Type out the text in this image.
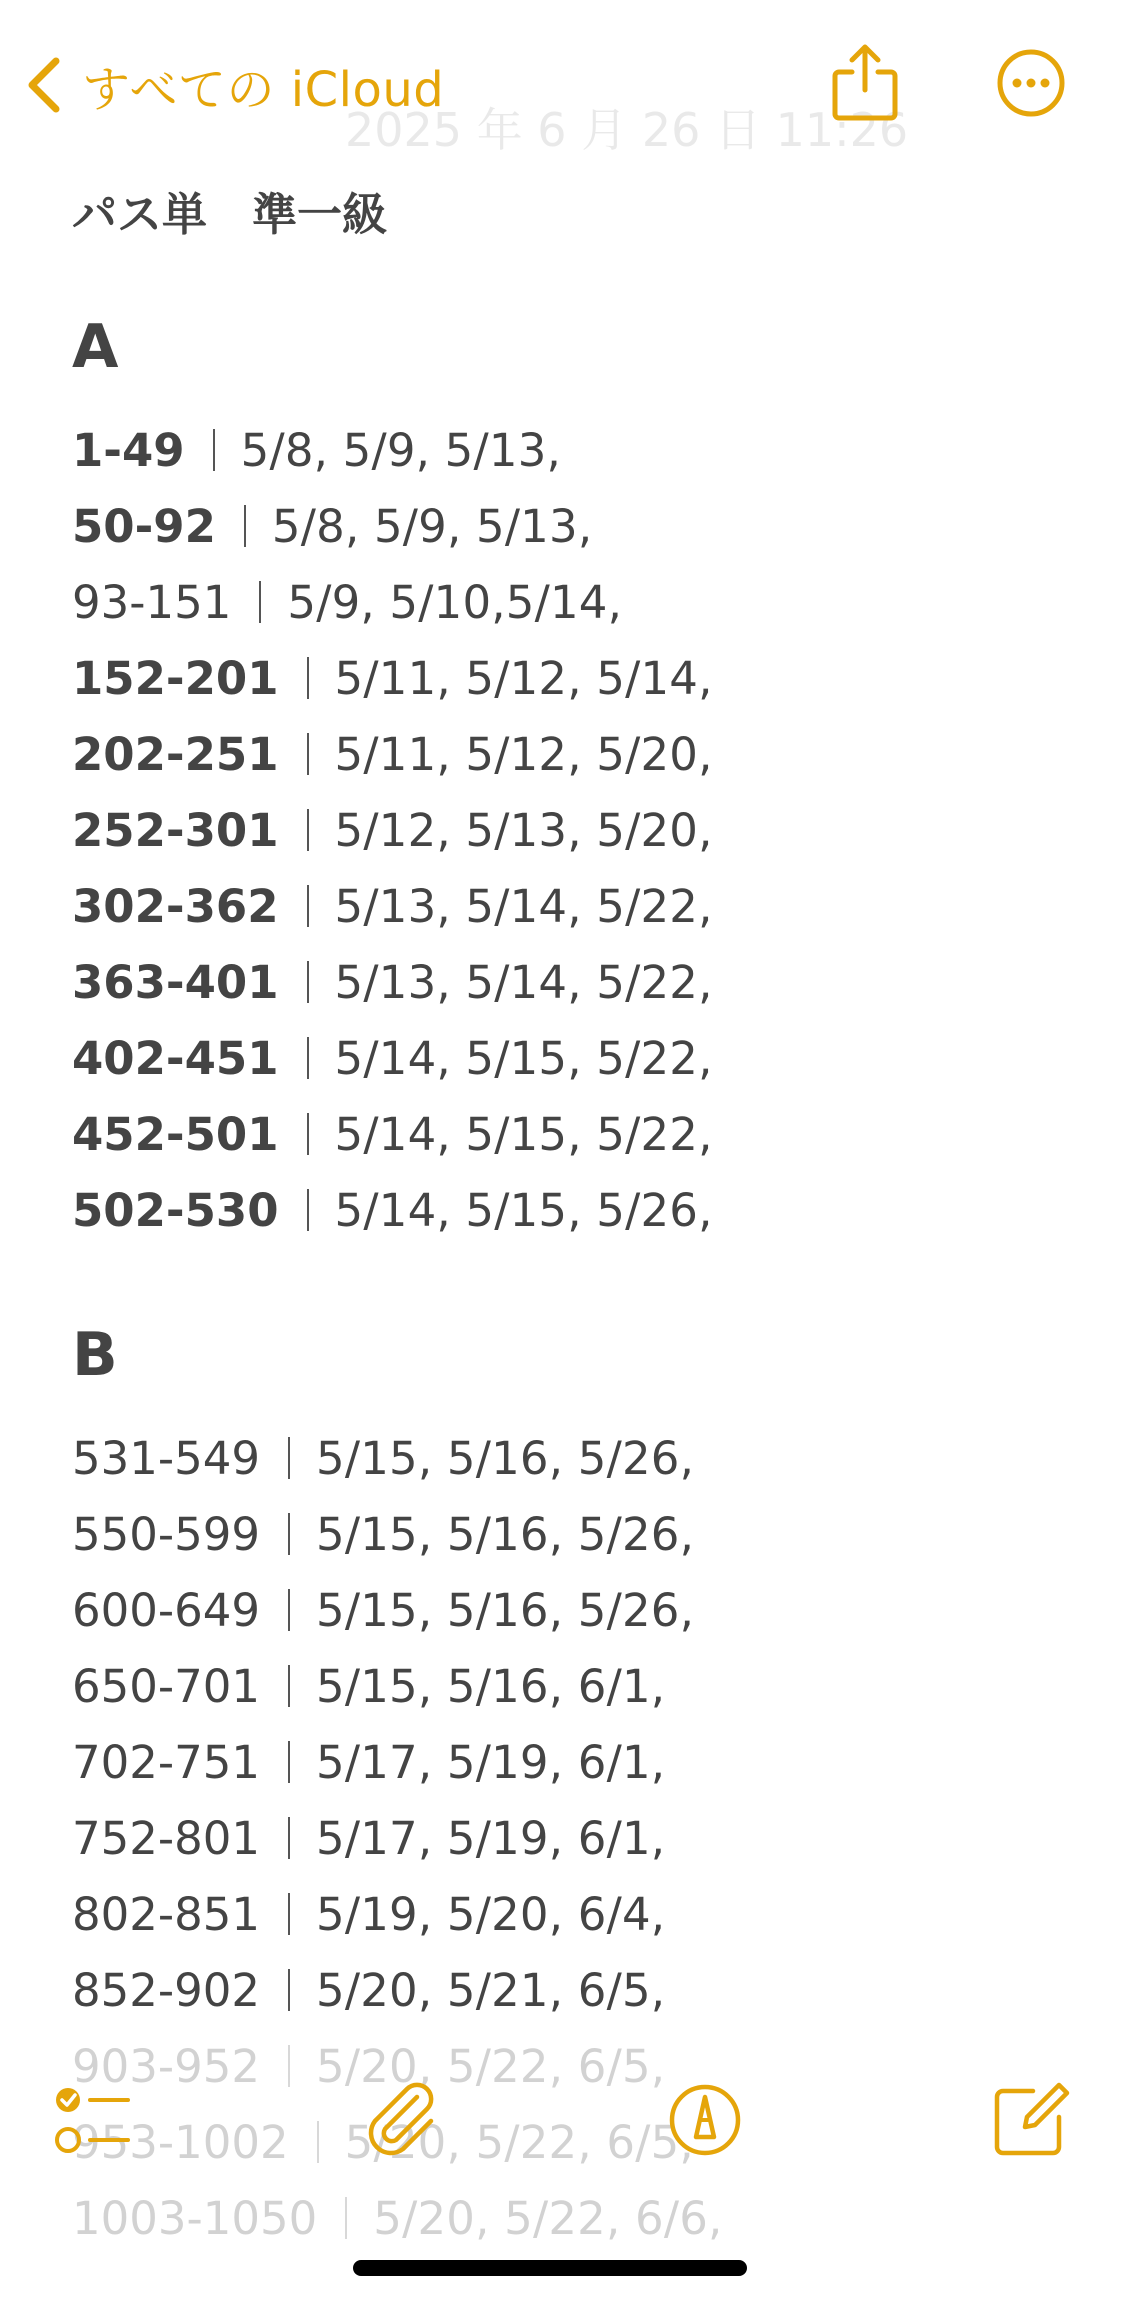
2025 年 6 月 26 日 11:26
すべての iCloud
パス単　準一級
A
1-49 5/8, 5/9, 5/13,
50-92 5/8, 5/9, 5/13,
93-151 5/9, 5/10,5/14,
152-201 5/11, 5/12, 5/14,
202-251 5/11, 5/12, 5/20,
252-301 5/12, 5/13, 5/20,
302-362 5/13, 5/14, 5/22,
363-401 5/13, 5/14, 5/22,
402-451 5/14, 5/15, 5/22,
452-501 5/14, 5/15, 5/22,
502-530 5/14, 5/15, 5/26,
B
531-549 5/15, 5/16, 5/26,
550-599 5/15, 5/16, 5/26,
600-649 5/15, 5/16, 5/26,
650-701 5/15, 5/16, 6/1,
702-751 5/17, 5/19, 6/1,
752-801 5/17, 5/19, 6/1,
802-851 5/19, 5/20, 6/4,
852-902 5/20, 5/21, 6/5,
903-952 5/20, 5/22, 6/5,
953-1002 5/20, 5/22, 6/5,
1003-1050 5/20, 5/22, 6/6,
